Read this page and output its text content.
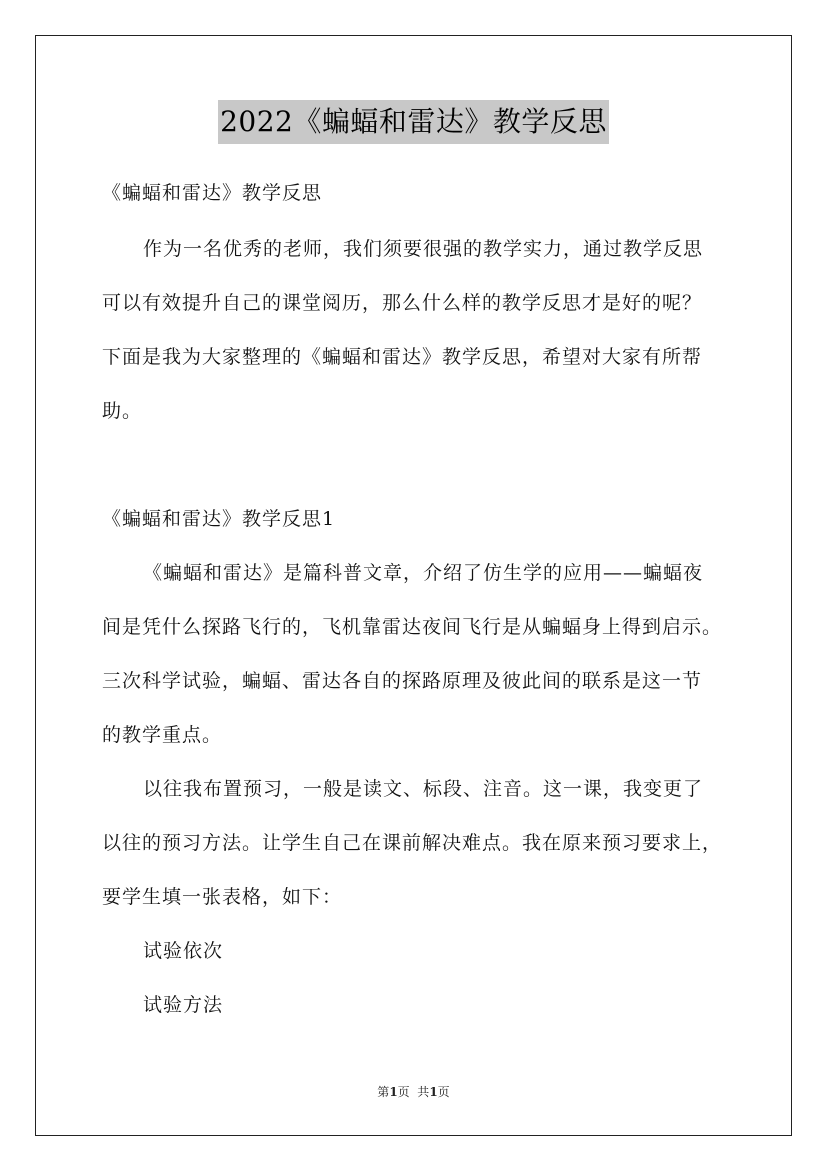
2022《蝙蝠和雷达》教学反思
《蝙蝠和雷达》教学反思
作为一名优秀的老师，我们须要很强的教学实力，通过教学反思
可以有效提升自己的课堂阅历，那么什么样的教学反思才是好的呢？
下面是我为大家整理的《蝙蝠和雷达》教学反思，希望对大家有所帮
助。
《蝙蝠和雷达》教学反思1
《蝙蝠和雷达》是篇科普文章，介绍了仿生学的应用——蝙蝠夜
间是凭什么探路飞行的，飞机靠雷达夜间飞行是从蝙蝠身上得到启示。
三次科学试验，蝙蝠、雷达各自的探路原理及彼此间的联系是这一节
的教学重点。
以往我布置预习，一般是读文、标段、注音。这一课，我变更了
以往的预习方法。让学生自己在课前解决难点。我在原来预习要求上，
要学生填一张表格，如下：
试验依次
试验方法
第1页  共1页
